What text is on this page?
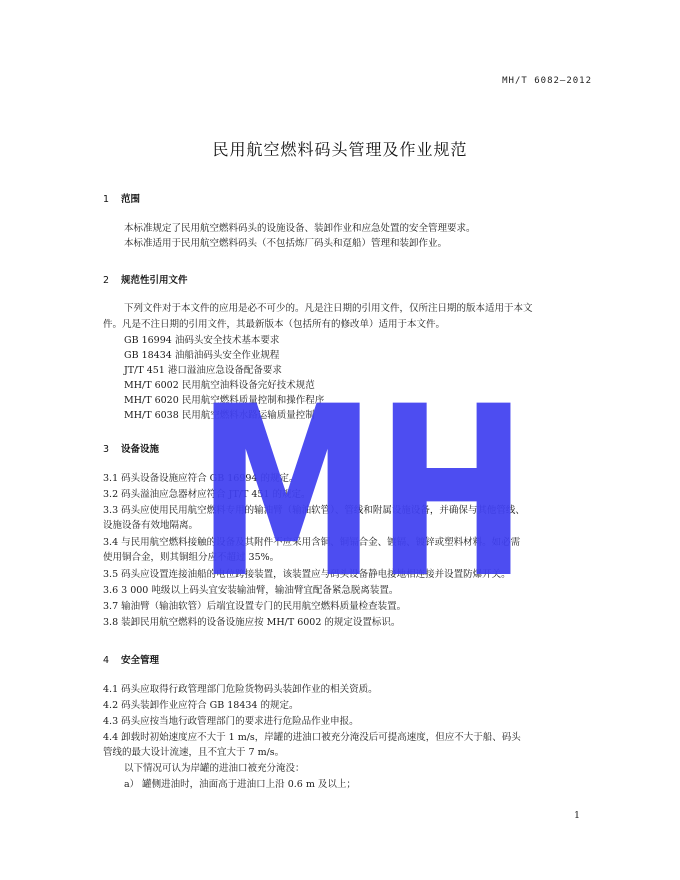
MH/T 6082—2012
民用航空燃料码头管理及作业规范
1 范围
本标准规定了民用航空燃料码头的设施设备、装卸作业和应急处置的安全管理要求。
本标准适用于民用航空燃料码头（不包括炼厂码头和趸船）管理和装卸作业。
2 规范性引用文件
下列文件对于本文件的应用是必不可少的。凡是注日期的引用文件，仅所注日期的版本适用于本文
件。凡是不注日期的引用文件，其最新版本（包括所有的修改单）适用于本文件。
GB 16994 油码头安全技术基本要求
GB 18434 油船油码头安全作业规程
JT/T 451 港口溢油应急设备配备要求
MH/T 6002 民用航空油料设备完好技术规范
MH/T 6020 民用航空燃料质量控制和操作程序
MH/T 6038 民用航空燃料水路运输质量控制
3 设备设施
3.1 码头设备设施应符合 GB 16994 的规定。
3.2 码头溢油应急器材应符合 JT/T 451 的规定。
3.3 码头应使用民用航空燃料专用的输油臂（输油软管）、管线和附属设施设备，并确保与其他管线、
设施设备有效地隔离。
3.4 与民用航空燃料接触的设备及其附件不应采用含铜、铜镉合金、镀镉、镀锌或塑料材料。如必需
使用铜合金，则其铜组分应不超过 35%。
3.5 码头应设置连接油船的电位跨接装置，该装置应与码头设备静电接地相连接并设置防爆开关。
3.6 3 000 吨级以上码头宜安装输油臂，输油臂宜配备紧急脱离装置。
3.7 输油臂（输油软管）后端宜设置专门的民用航空燃料质量检查装置。
3.8 装卸民用航空燃料的设备设施应按 MH/T 6002 的规定设置标识。
4 安全管理
4.1 码头应取得行政管理部门危险货物码头装卸作业的相关资质。
4.2 码头装卸作业应符合 GB 18434 的规定。
4.3 码头应按当地行政管理部门的要求进行危险品作业申报。
4.4 卸载时初始速度应不大于 1 m/s，岸罐的进油口被充分淹没后可提高速度，但应不大于船、码头
管线的最大设计流速，且不宜大于 7 m/s。
以下情况可认为岸罐的进油口被充分淹没：
a） 罐侧进油时，油面高于进油口上沿 0.6 m 及以上；
1
MH
